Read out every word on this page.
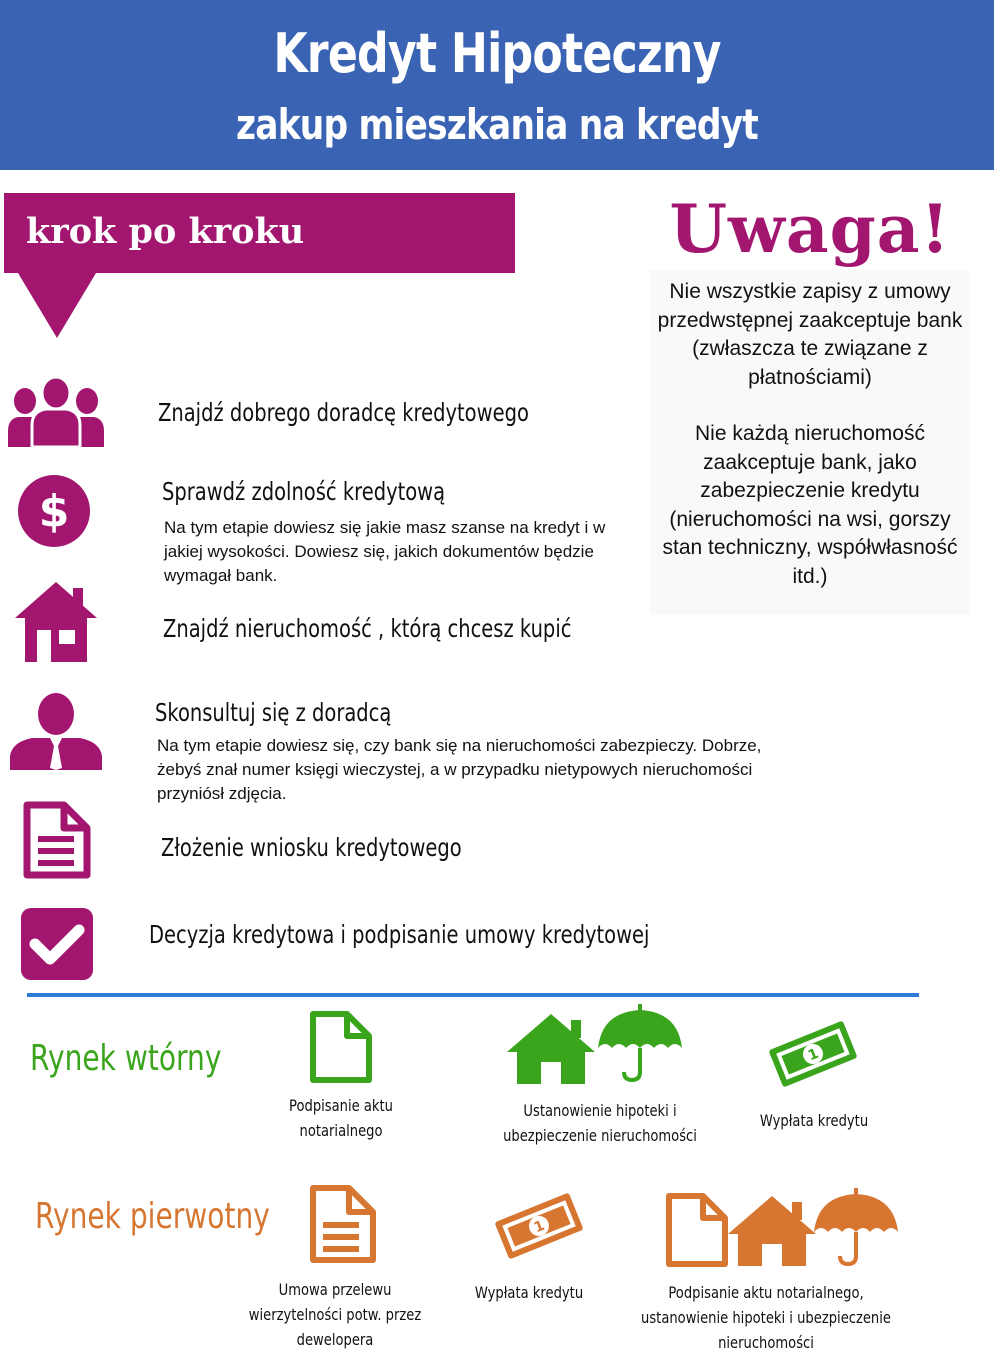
Kredyt Hipoteczny
zakup mieszkania na kredyt
krok po kroku	Uwaga!
Nie wszystkie zapisy z umowy przedwstępnej zaakceptuje bank (zwłaszcza te związane z płatnościami)
Nie każdą nieruchomość zaakceptuje bank, jako zabezpieczenie kredytu (nieruchomości na wsi, gorszy stan techniczny, współwłasność itd.)
Znajdź dobrego doradcę kredytowego
$	Sprawdź zdolność kredytową
Na tym etapie dowiesz się jakie masz szanse na kredyt i w jakiej wysokości. Dowiesz się, jakich dokumentów będzie wymagał bank.
Znajdź nieruchomość , którą chcesz kupić
Skonsultuj się z doradcą
Na tym etapie dowiesz się, czy bank się na nieruchomości zabezpieczy. Dobrze, żebyś znał numer księgi wieczystej, a w przypadku nietypowych nieruchomości przyniósł zdjęcia.
Złożenie wniosku kredytowego
Decyzja kredytowa i podpisanie umowy kredytowej
Rynek wtórny
Podpisanie aktu notarialnego
Ustanowienie hipoteki i ubezpieczenie nieruchomości
1
Wypłata kredytu
Rynek pierwotny
Umowa przelewu wierzytelności potw. przez dewelopera
1
Wypłata kredytu	Podpisanie aktu notarialnego, ustanowienie hipoteki i ubezpieczenie nieruchomości
